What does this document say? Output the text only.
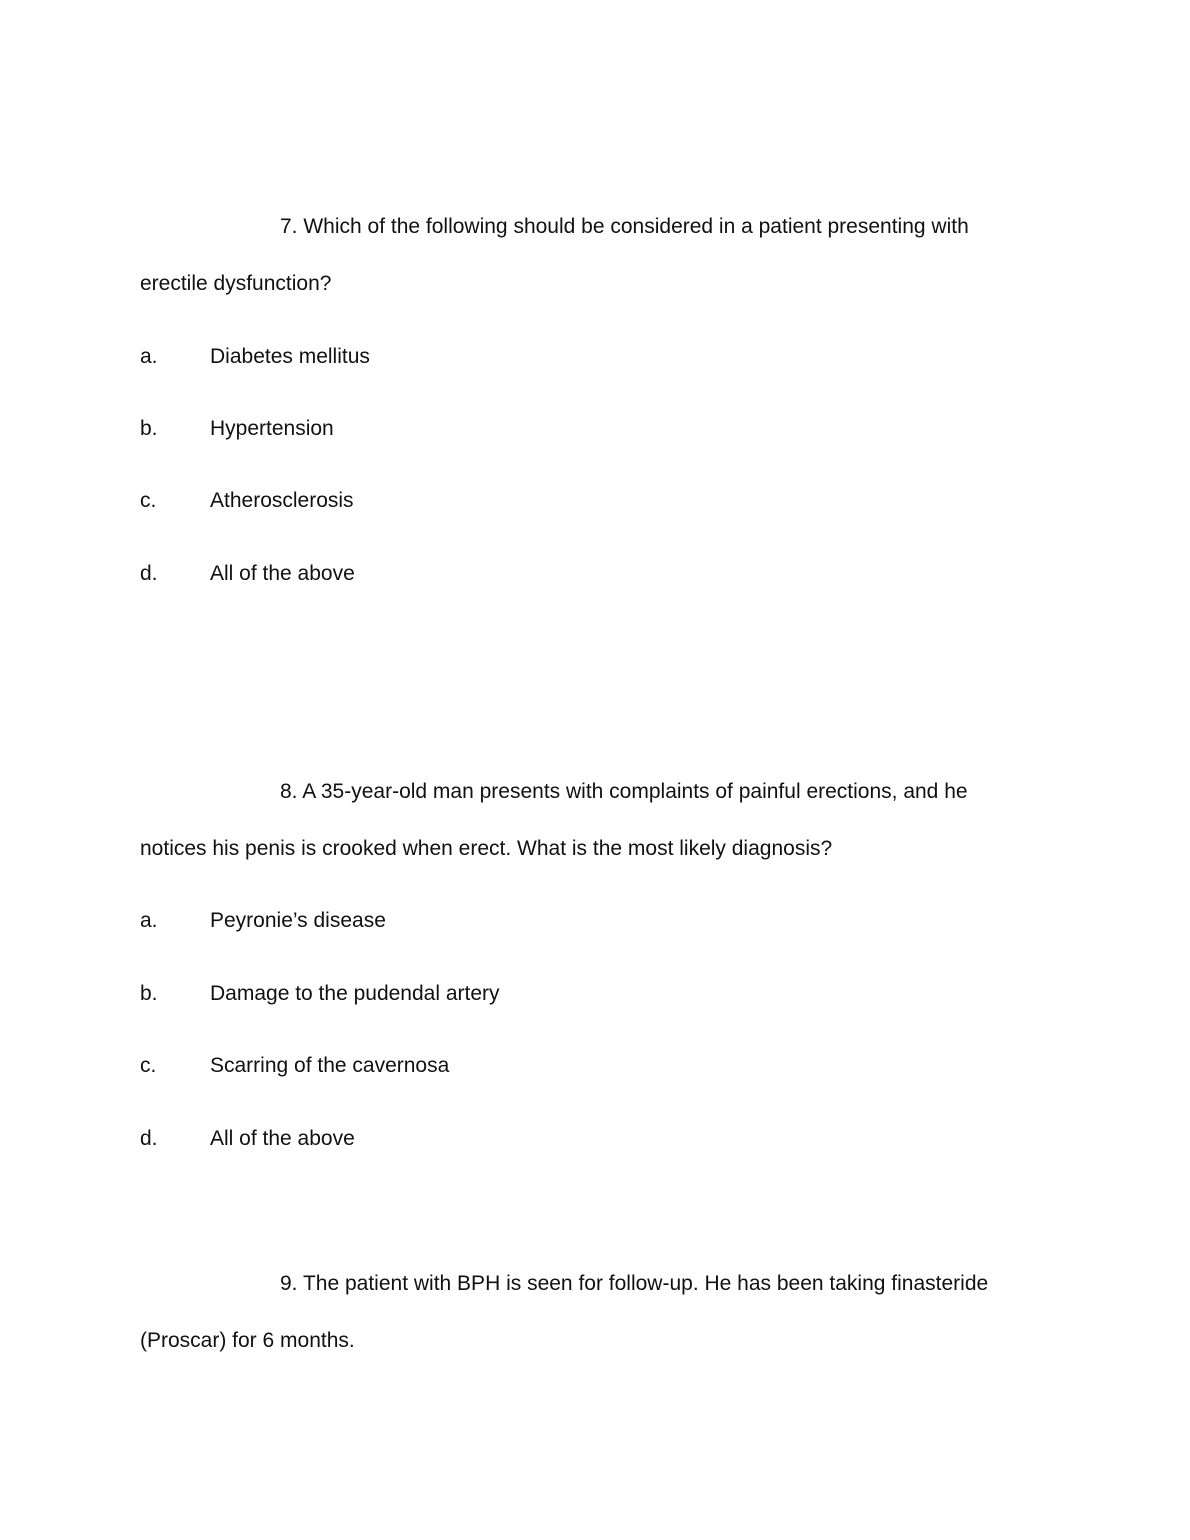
7. Which of the following should be considered in a patient presenting with
erectile dysfunction?
a. Diabetes mellitus
b. Hypertension
c.	Atherosclerosis
d. All of the above
8. A 35-year-old man presents with complaints of painful erections, and he
notices his penis is crooked when erect. What is the most likely diagnosis?
a. Peyronie’s disease
b. Damage to the pudendal artery
c.	Scarring of the cavernosa
d. All of the above
9. The patient with BPH is seen for follow-up. He has been taking finasteride
(Proscar) for 6 months.
